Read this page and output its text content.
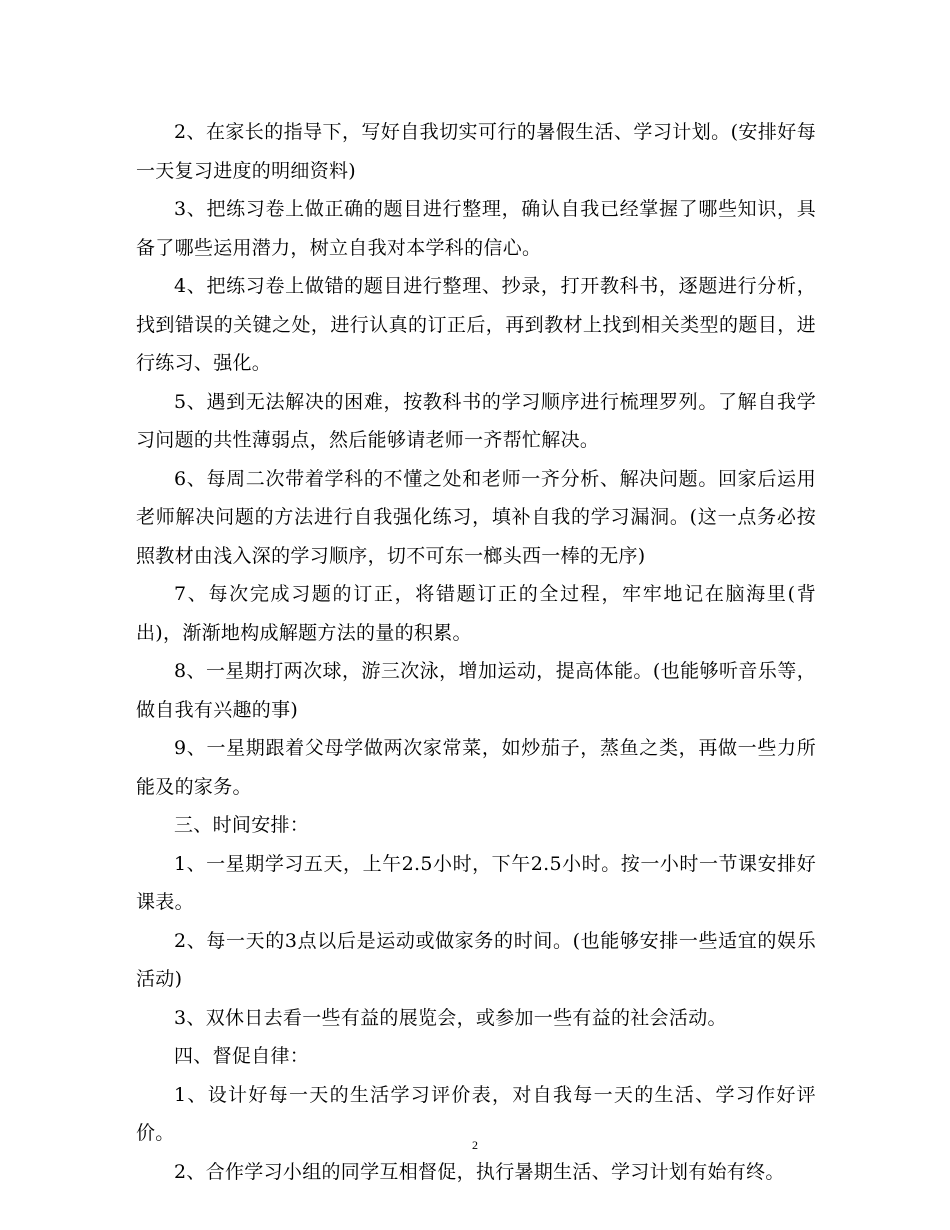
2、在家长的指导下，写好自我切实可行的暑假生活、学习计划。(安排好每一天复习进度的明细资料)

3、把练习卷上做正确的题目进行整理，确认自我已经掌握了哪些知识，具备了哪些运用潜力，树立自我对本学科的信心。

4、把练习卷上做错的题目进行整理、抄录，打开教科书，逐题进行分析，找到错误的关键之处，进行认真的订正后，再到教材上找到相关类型的题目，进行练习、强化。

5、遇到无法解决的困难，按教科书的学习顺序进行梳理罗列。了解自我学习问题的共性薄弱点，然后能够请老师一齐帮忙解决。

6、每周二次带着学科的不懂之处和老师一齐分析、解决问题。回家后运用老师解决问题的方法进行自我强化练习，填补自我的学习漏洞。(这一点务必按照教材由浅入深的学习顺序，切不可东一榔头西一棒的无序)

7、每次完成习题的订正，将错题订正的全过程，牢牢地记在脑海里(背出)，渐渐地构成解题方法的量的积累。

8、一星期打两次球，游三次泳，增加运动，提高体能。(也能够听音乐等，做自我有兴趣的事)

9、一星期跟着父母学做两次家常菜，如炒茄子，蒸鱼之类，再做一些力所能及的家务。

三、时间安排：

1、一星期学习五天，上午2.5小时，下午2.5小时。按一小时一节课安排好课表。

2、每一天的3点以后是运动或做家务的时间。(也能够安排一些适宜的娱乐活动)

3、双休日去看一些有益的展览会，或参加一些有益的社会活动。

四、督促自律：

1、设计好每一天的生活学习评价表，对自我每一天的生活、学习作好评价。

2、合作学习小组的同学互相督促，执行暑期生活、学习计划有始有终。

2
